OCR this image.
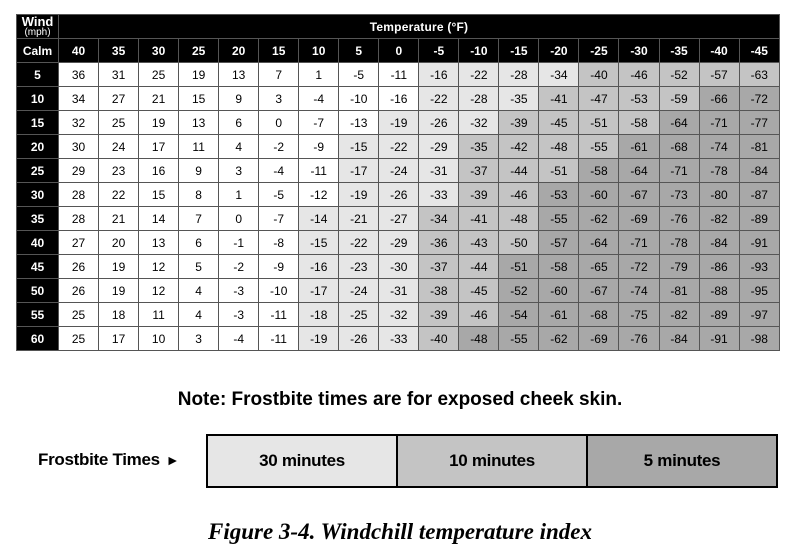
Wind
(mph)	Temperature (°F)																	
Calm	40	35	30	25	20	15	10	5	0	-5	-10	-15	-20	-25	-30	-35	-40	-45
5	36	31	25	19	13	7	1	-5	-11	-16	-22	-28	-34	-40	-46	-52	-57	-63
10	34	27	21	15	9	3	-4	-10	-16	-22	-28	-35	-41	-47	-53	-59	-66	-72
15	32	25	19	13	6	0	-7	-13	-19	-26	-32	-39	-45	-51	-58	-64	-71	-77
20	30	24	17	11	4	-2	-9	-15	-22	-29	-35	-42	-48	-55	-61	-68	-74	-81
25	29	23	16	9	3	-4	-11	-17	-24	-31	-37	-44	-51	-58	-64	-71	-78	-84
30	28	22	15	8	1	-5	-12	-19	-26	-33	-39	-46	-53	-60	-67	-73	-80	-87
35	28	21	14	7	0	-7	-14	-21	-27	-34	-41	-48	-55	-62	-69	-76	-82	-89
40	27	20	13	6	-1	-8	-15	-22	-29	-36	-43	-50	-57	-64	-71	-78	-84	-91
45	26	19	12	5	-2	-9	-16	-23	-30	-37	-44	-51	-58	-65	-72	-79	-86	-93
50	26	19	12	4	-3	-10	-17	-24	-31	-38	-45	-52	-60	-67	-74	-81	-88	-95
55	25	18	11	4	-3	-11	-18	-25	-32	-39	-46	-54	-61	-68	-75	-82	-89	-97
60	25	17	10	3	-4	-11	-19	-26	-33	-40	-48	-55	-62	-69	-76	-84	-91	-98
Note: Frostbite times are for exposed cheek skin.
Frostbite Times ►	30 minutes	10 minutes	5 minutes
Figure 3-4. Windchill temperature index
